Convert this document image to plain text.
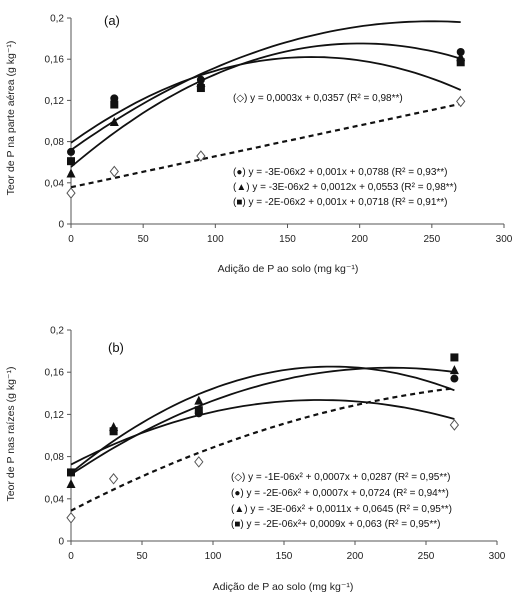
Teor de P na parte aérea (g kg⁻¹)
Adição de P ao solo (mg kg⁻¹)
(a)
0	50	100	150	200	250	300
0
0,04
0,08
0,12
0,16
0,2
(◇) y = 0,0003x + 0,0357 (R² = 0,98**)
(●) y = -3E-06x2 + 0,001x + 0,0788 (R² = 0,93**)
(▲) y = -3E-06x2 + 0,0012x + 0,0553 (R² = 0,98**)
(■) y = -2E-06x2 + 0,001x + 0,0718 (R² = 0,91**)
Teor de P nas raízes (g kg⁻¹)
Adição de P ao solo (mg kg⁻¹)
(b)
0	50	100	150	200	250	300
0
0,04
0,08
0,12
0,16
0,2
(◇) y = -1E-06x² + 0,0007x + 0,0287 (R² = 0,95**)
(●) y = -2E-06x² + 0,0007x + 0,0724 (R² = 0,94**)
(▲) y = -3E-06x² + 0,0011x + 0,0645 (R² = 0,95**)
(■) y = -2E-06x²+ 0,0009x + 0,063 (R² = 0,95**)
